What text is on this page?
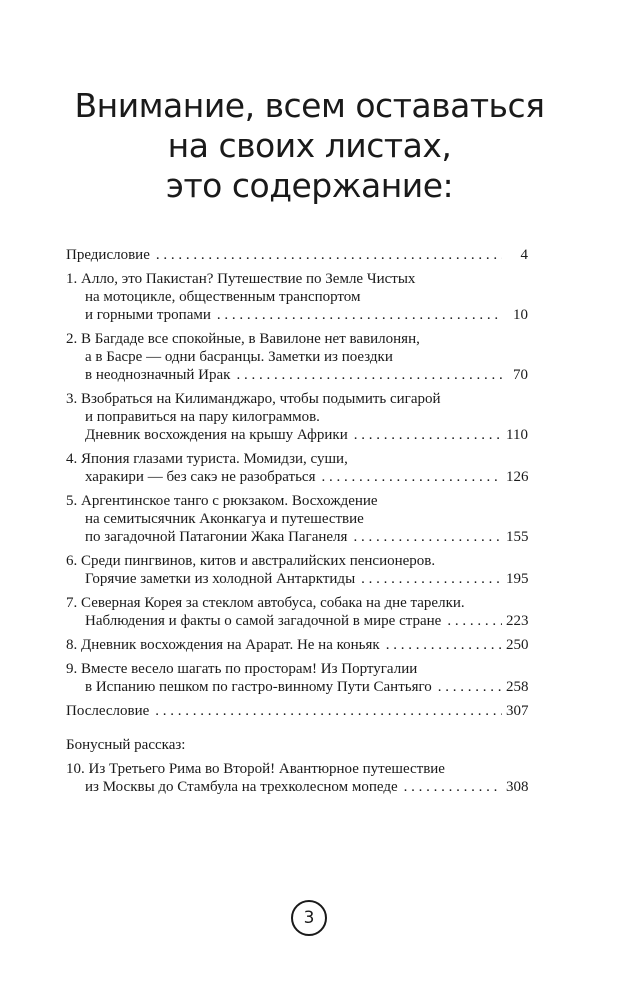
Внимание, всем оставаться
на своих листах,
это содержание:
Предисловие . . .	4
1. Алло, это Пакистан? Путешествие по Земле Чистых
на мотоцикле, общественным транспортом
и горными тропами . . .	10
2. В Багдаде все спокойные, в Вавилоне нет вавилонян,
а в Басре — одни басранцы. Заметки из поездки
в неоднозначный Ирак . . .	70
3. Взобраться на Килиманджаро, чтобы подымить сигарой
и поправиться на пару килограммов.
Дневник восхождения на крышу Африки . . .	110
4. Япония глазами туриста. Момидзи, суши,
харакири — без сакэ не разобраться . . .	126
5. Аргентинское танго с рюкзаком. Восхождение
на семитысячник Аконкагуа и путешествие
по загадочной Патагонии Жака Паганеля . . .	155
6. Среди пингвинов, китов и австралийских пенсионеров.
Горячие заметки из холодной Антарктиды . . .	195
7. Северная Корея за стеклом автобуса, собака на дне тарелки.
Наблюдения и факты о самой загадочной в мире стране . . .	223
8. Дневник восхождения на Арарат. Не на коньяк . . .	250
9. Вместе весело шагать по просторам! Из Португалии
в Испанию пешком по гастро-винному Пути Сантьяго . . .	258
Послесловие . . .	307
Бонусный рассказ:
10. Из Третьего Рима во Второй! Авантюрное путешествие
из Москвы до Стамбула на трехколесном мопеде . . .	308
3
